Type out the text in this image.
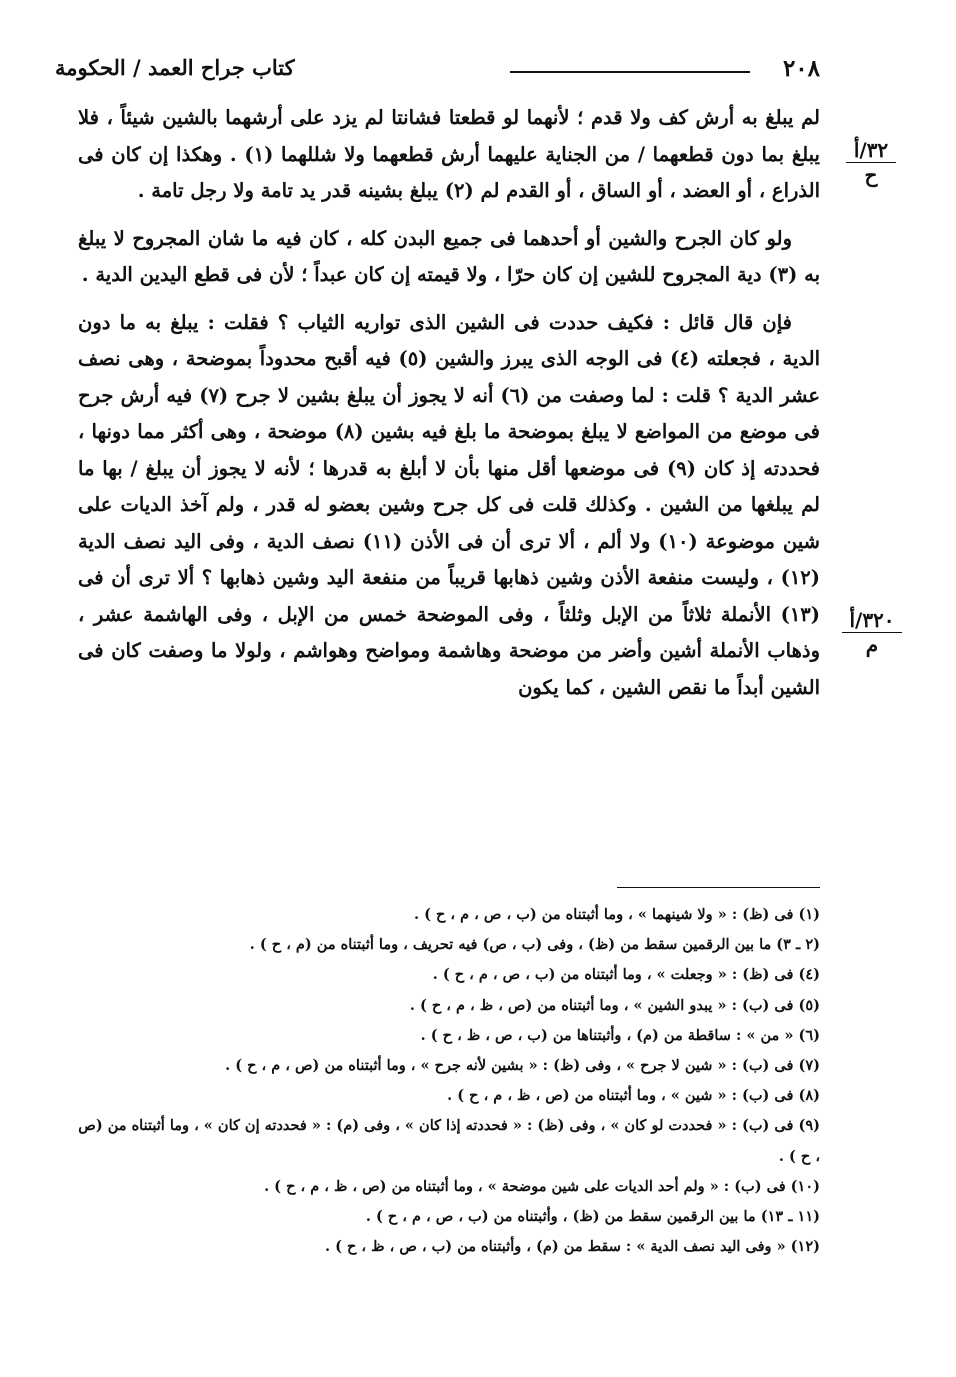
٢٠٨
كتاب جراح العمد / الحكومة
٣٢/أ
ح
٣٢٠/أ
م

لم يبلغ به أرش كف ولا قدم ؛ لأنهما لو قطعتا فشانتا لم يزد على أرشهما بالشين شيئاً ، فلا يبلغ بما دون قطعهما / من الجناية عليهما أرش قطعهما ولا شللهما (١) . وهكذا إن كان فى الذراع ، أو العضد ، أو الساق ، أو القدم لم (٢) يبلغ بشينه قدر يد تامة ولا رجل تامة .

ولو كان الجرح والشين أو أحدهما فى جميع البدن كله ، كان فيه ما شان المجروح لا يبلغ به (٣) دية المجروح للشين إن كان حرّا ، ولا قيمته إن كان عبداً ؛ لأن فى قطع اليدين الدية .

فإن قال قائل : فكيف حددت فى الشين الذى تواريه الثياب ؟ فقلت : يبلغ به ما دون الدية ، فجعلته (٤) فى الوجه الذى يبرز والشين (٥) فيه أقبح محدوداً بموضحة ، وهى نصف عشر الدية ؟ قلت : لما وصفت من (٦) أنه لا يجوز أن يبلغ بشين لا جرح (٧) فيه أرش جرح فى موضع من المواضع لا يبلغ بموضحة ما بلغ فيه بشين (٨) موضحة ، وهى أكثر مما دونها ، فحددته إذ كان (٩) فى موضعها أقل منها بأن لا أبلغ به قدرها ؛ لأنه لا يجوز أن يبلغ / بها ما لم يبلغها من الشين . وكذلك قلت فى كل جرح وشين بعضو له قدر ، ولم آخذ الديات على شين موضوعة (١٠) ولا ألم ، ألا ترى أن فى الأذن (١١) نصف الدية ، وفى اليد نصف الدية (١٢) ، وليست منفعة الأذن وشين ذهابها قريباً من منفعة اليد وشين ذهابها ؟ ألا ترى أن فى (١٣) الأنملة ثلاثاً من الإبل وثلثاً ، وفى الموضحة خمس من الإبل ، وفى الهاشمة عشر ، وذهاب الأنملة أشين وأضر من موضحة وهاشمة ومواضح وهواشم ، ولولا ما وصفت كان فى الشين أبداً ما نقص الشين ، كما يكون

(١) فى (ظ) : « ولا شينهما » ، وما أثبتناه من (ب ، ص ، م ، ح ) .

(٢ ـ ٣) ما بين الرقمين سقط من (ظ) ، وفى (ب ، ص) فيه تحريف ، وما أثبتناه من (م ، ح ) .

(٤) فى (ظ) : « وجعلت » ، وما أثبتناه من (ب ، ص ، م ، ح ) .

(٥) فى (ب) : « يبدو الشين » ، وما أثبتناه من (ص ، ظ ، م ، ح ) .

(٦) « من » : ساقطة من (م) ، وأثبتناها من (ب ، ص ، ظ ، ح ) .

(٧) فى (ب) : « شين لا جرح » ، وفى (ظ) : « بشين لأنه جرح » ، وما أثبتناه من (ص ، م ، ح ) .

(٨) فى (ب) : « شين » ، وما أثبتناه من (ص ، ظ ، م ، ح ) .

(٩) فى (ب) : « فحددت لو كان » ، وفى (ظ) : « فحددته إذا كان » ، وفى (م) : « فحددته إن كان » ، وما أثبتناه من (ص ، ح ) .

(١٠) فى (ب) : « ولم أحد الديات على شين موضحة » ، وما أثبتناه من (ص ، ظ ، م ، ح ) .

(١١ ـ ١٣) ما بين الرقمين سقط من (ظ) ، وأثبتناه من (ب ، ص ، م ، ح ) .

(١٢) « وفى اليد نصف الدية » : سقط من (م) ، وأثبتناه من (ب ، ص ، ظ ، ح ) .
